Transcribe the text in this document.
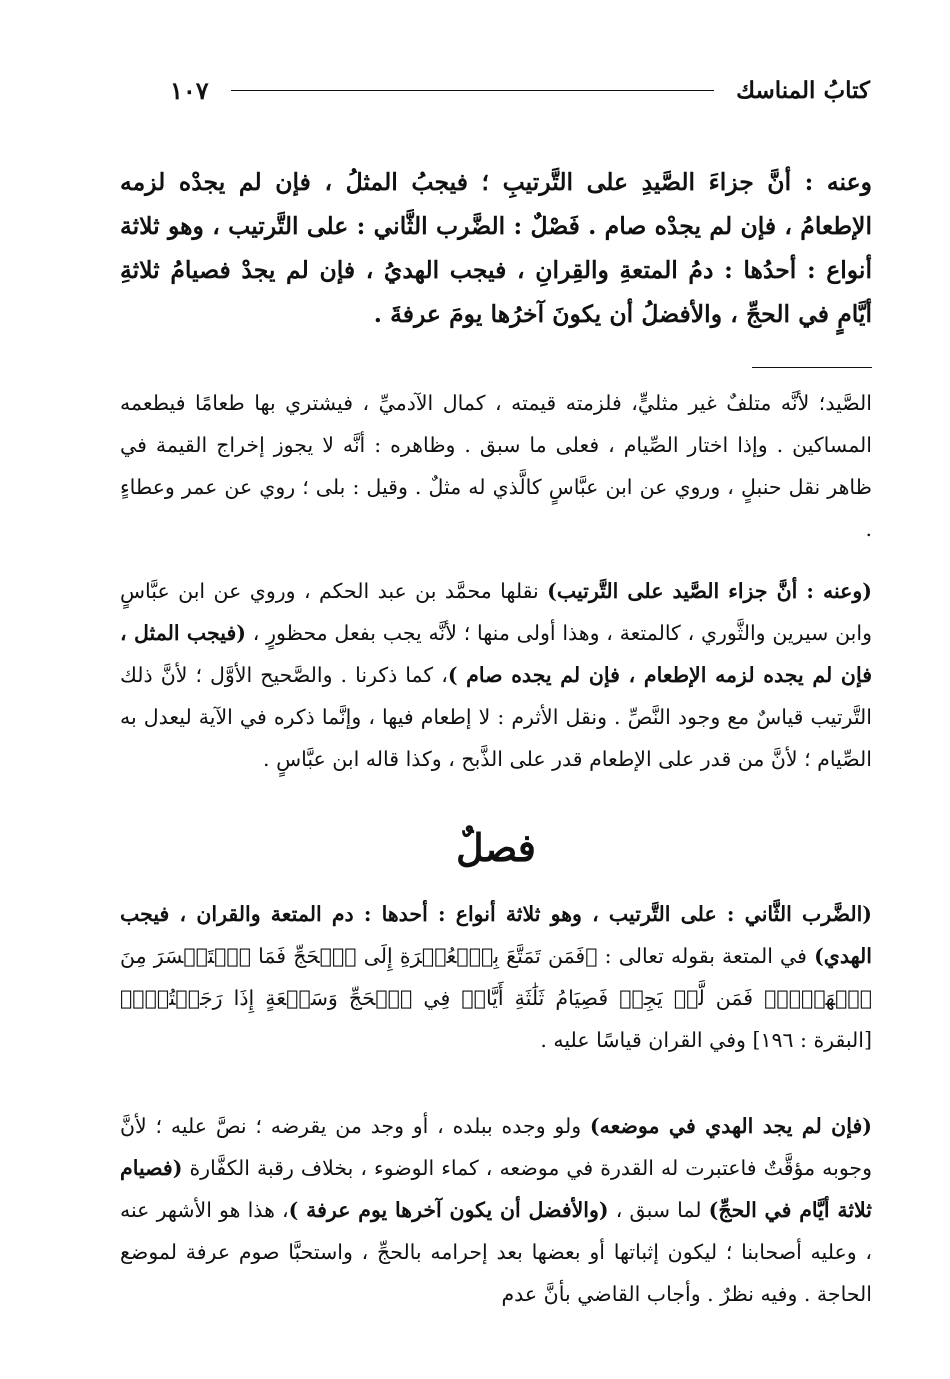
كتابُ المناسك
١٠٧

وعنه : أنَّ جزاءَ الصَّيدِ على التَّرتيبِ ؛ فيجبُ المثلُ ، فإن لم يجدْه لزمه الإطعامُ ، فإن لم يجدْه صام . فَصْلٌ : الضَّرب الثَّاني : على التَّرتيب ، وهو ثلاثة أنواع : أحدُها : دمُ المتعةِ والقِرانِ ، فيجب الهديُ ، فإن لم يجدْ فصيامُ ثلاثةِ أيَّامٍ في الحجِّ ، والأفضلُ أن يكونَ آخرُها يومَ عرفةَ .

الصَّيد؛ لأنَّه متلفٌ غير مثليٍّ، فلزمته قيمته ، كمال الآدميِّ ، فيشتري بها طعامًا فيطعمه المساكين . وإذا اختار الصِّيام ، فعلى ما سبق . وظاهره : أنَّه لا يجوز إخراج القيمة في ظاهر نقل حنبلٍ ، وروي عن ابن عبَّاسٍ كالَّذي له مثلٌ . وقيل : بلى ؛ روي عن عمر وعطاءٍ .

(وعنه : أنَّ جزاء الصَّيد على التَّرتيب) نقلها محمَّد بن عبد الحكم ، وروي عن ابن عبَّاسٍ وابن سيرين والثَّوري ، كالمتعة ، وهذا أولى منها ؛ لأنَّه يجب بفعل محظورٍ ، (فيجب المثل ، فإن لم يجده لزمه الإطعام ، فإن لم يجده صام )، كما ذكرنا . والصَّحيح الأوَّل ؛ لأنَّ ذلك التَّرتيب قياسٌ مع وجود النَّصِّ . ونقل الأثرم : لا إطعام فيها ، وإنَّما ذكره في الآية ليعدل به الصِّيام ؛ لأنَّ من قدر على الإطعام قدر على الذَّبح ، وكذا قاله ابن عبَّاسٍ .

فصلٌ

(الضَّرب الثَّاني : على التَّرتيب ، وهو ثلاثة أنواع : أحدها : دم المتعة والقران ، فيجب الهدي) في المتعة بقوله تعالى : ﴿فَمَن تَمَتَّعَ بِٱلۡعُمۡرَةِ إِلَى ٱلۡحَجِّ فَمَا ٱسۡتَيۡسَرَ مِنَ ٱلۡهَدۡيِۚ فَمَن لَّمۡ يَجِدۡ فَصِيَامُ ثَلَٰثَةِ أَيَّامٖ فِي ٱلۡحَجِّ وَسَبۡعَةٍ إِذَا رَجَعۡتُمۡۗ﴾ [البقرة : ١٩٦] وفي القران قياسًا عليه .

(فإن لم يجد الهدي في موضعه) ولو وجده ببلده ، أو وجد من يقرضه ؛ نصَّ عليه ؛ لأنَّ وجوبه مؤقَّتٌ فاعتبرت له القدرة في موضعه ، كماء الوضوء ، بخلاف رقبة الكفَّارة (فصيام ثلاثة أيَّام في الحجِّ) لما سبق ، (والأفضل أن يكون آخرها يوم عرفة )، هذا هو الأشهر عنه ، وعليه أصحابنا ؛ ليكون إثباتها أو بعضها بعد إحرامه بالحجِّ ، واستحبَّا صوم عرفة لموضع الحاجة . وفيه نظرٌ . وأجاب القاضي بأنَّ عدم
